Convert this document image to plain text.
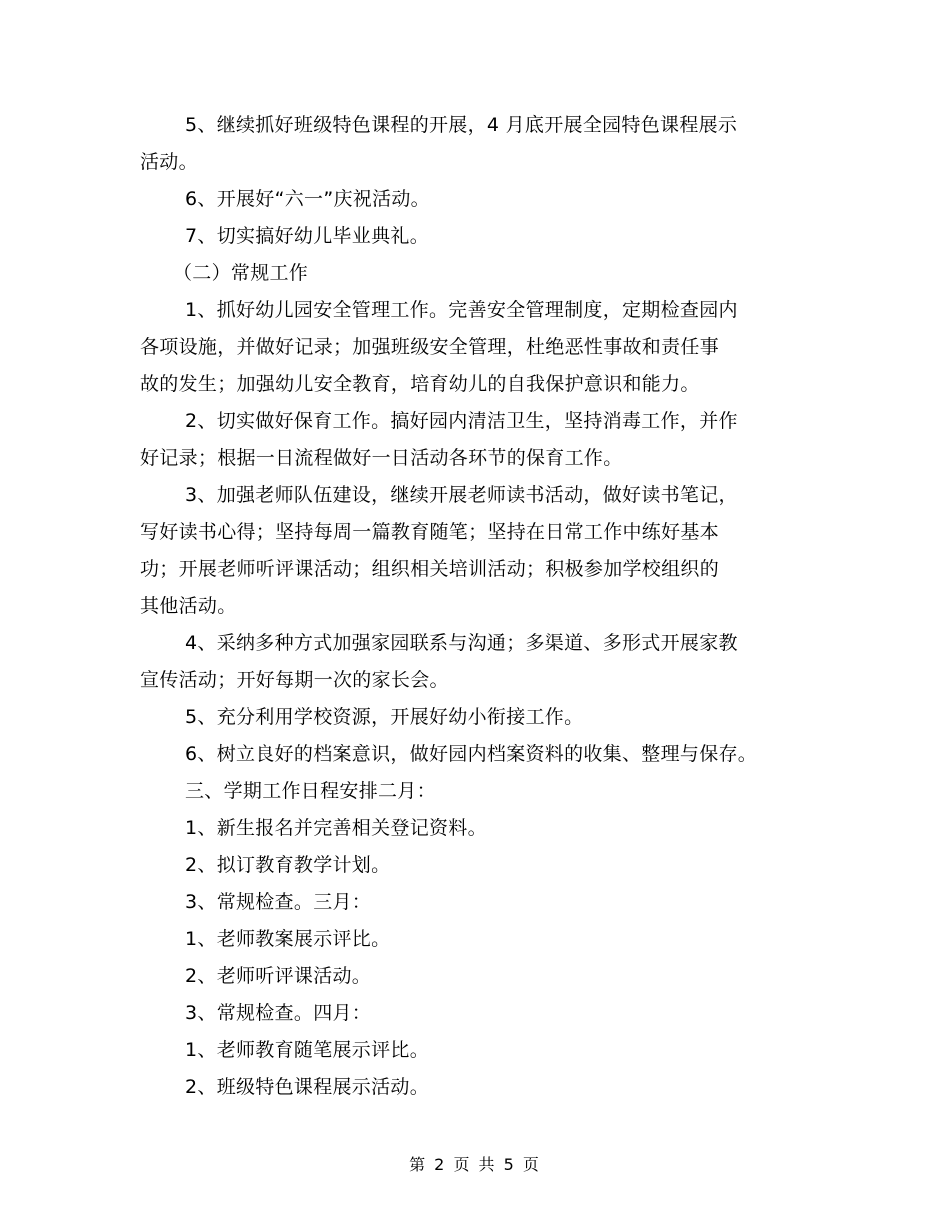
5、继续抓好班级特色课程的开展，4 月底开展全园特色课程展示
活动。
6、开展好“六一”庆祝活动。
7、切实搞好幼儿毕业典礼。
（二）常规工作
1、抓好幼儿园安全管理工作。完善安全管理制度，定期检查园内
各项设施，并做好记录；加强班级安全管理，杜绝恶性事故和责任事
故的发生；加强幼儿安全教育，培育幼儿的自我保护意识和能力。
2、切实做好保育工作。搞好园内清洁卫生，坚持消毒工作，并作
好记录；根据一日流程做好一日活动各环节的保育工作。
3、加强老师队伍建设，继续开展老师读书活动，做好读书笔记，
写好读书心得；坚持每周一篇教育随笔；坚持在日常工作中练好基本
功；开展老师听评课活动；组织相关培训活动；积极参加学校组织的
其他活动。
4、采纳多种方式加强家园联系与沟通；多渠道、多形式开展家教
宣传活动；开好每期一次的家长会。
5、充分利用学校资源，开展好幼小衔接工作。
6、树立良好的档案意识，做好园内档案资料的收集、整理与保存。
三、学期工作日程安排二月：
1、新生报名并完善相关登记资料。
2、拟订教育教学计划。
3、常规检查。三月：
1、老师教案展示评比。
2、老师听评课活动。
3、常规检查。四月：
1、老师教育随笔展示评比。
2、班级特色课程展示活动。
第 2 页 共 5 页
